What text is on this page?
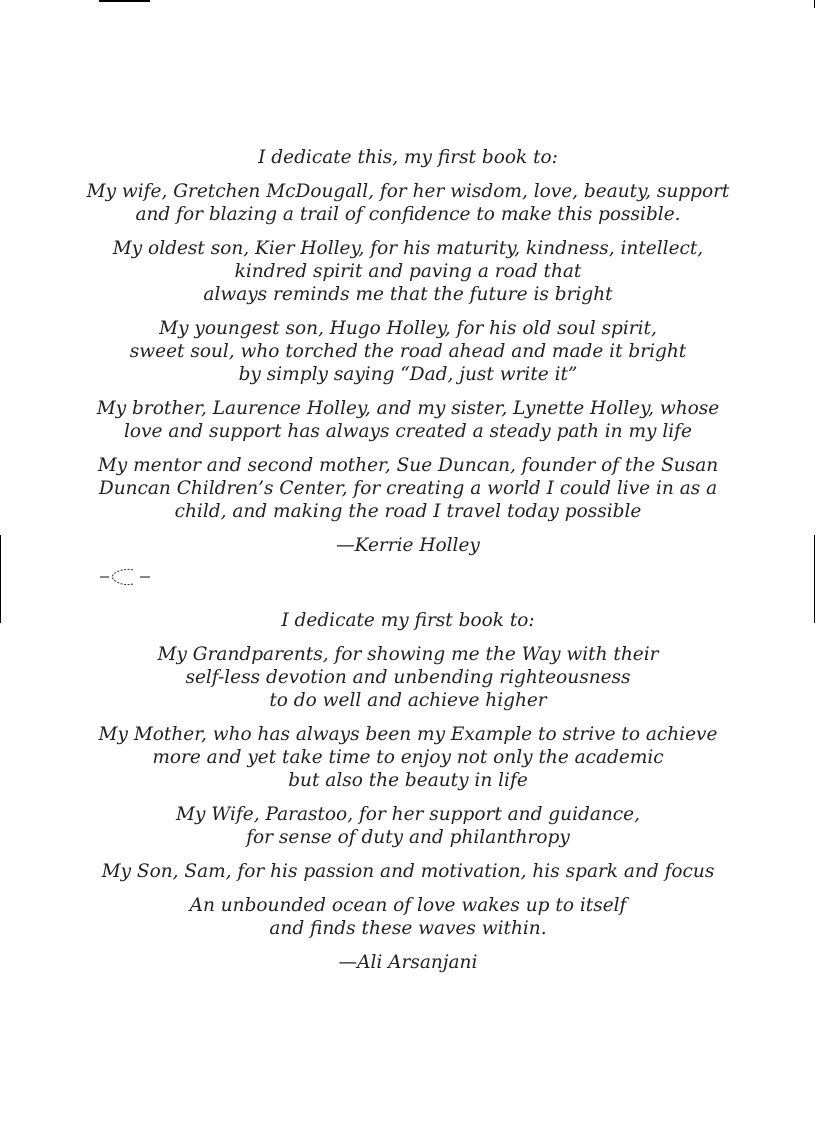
I dedicate this, my first book to:

My wife, Gretchen McDougall, for her wisdom, love, beauty, support
and for blazing a trail of confidence to make this possible.

My oldest son, Kier Holley, for his maturity, kindness, intellect,
kindred spirit and paving a road that
always reminds me that the future is bright

My youngest son, Hugo Holley, for his old soul spirit,
sweet soul, who torched the road ahead and made it bright
by simply saying “Dad, just write it”

My brother, Laurence Holley, and my sister, Lynette Holley, whose
love and support has always created a steady path in my life

My mentor and second mother, Sue Duncan, founder of the Susan
Duncan Children’s Center, for creating a world I could live in as a
child, and making the road I travel today possible

—Kerrie Holley

I dedicate my first book to:

My Grandparents, for showing me the Way with their
self-less devotion and unbending righteousness
to do well and achieve higher

My Mother, who has always been my Example to strive to achieve
more and yet take time to enjoy not only the academic
but also the beauty in life

My Wife, Parastoo, for her support and guidance,
for sense of duty and philanthropy

My Son, Sam, for his passion and motivation, his spark and focus

An unbounded ocean of love wakes up to itself
and finds these waves within.

—Ali Arsanjani
